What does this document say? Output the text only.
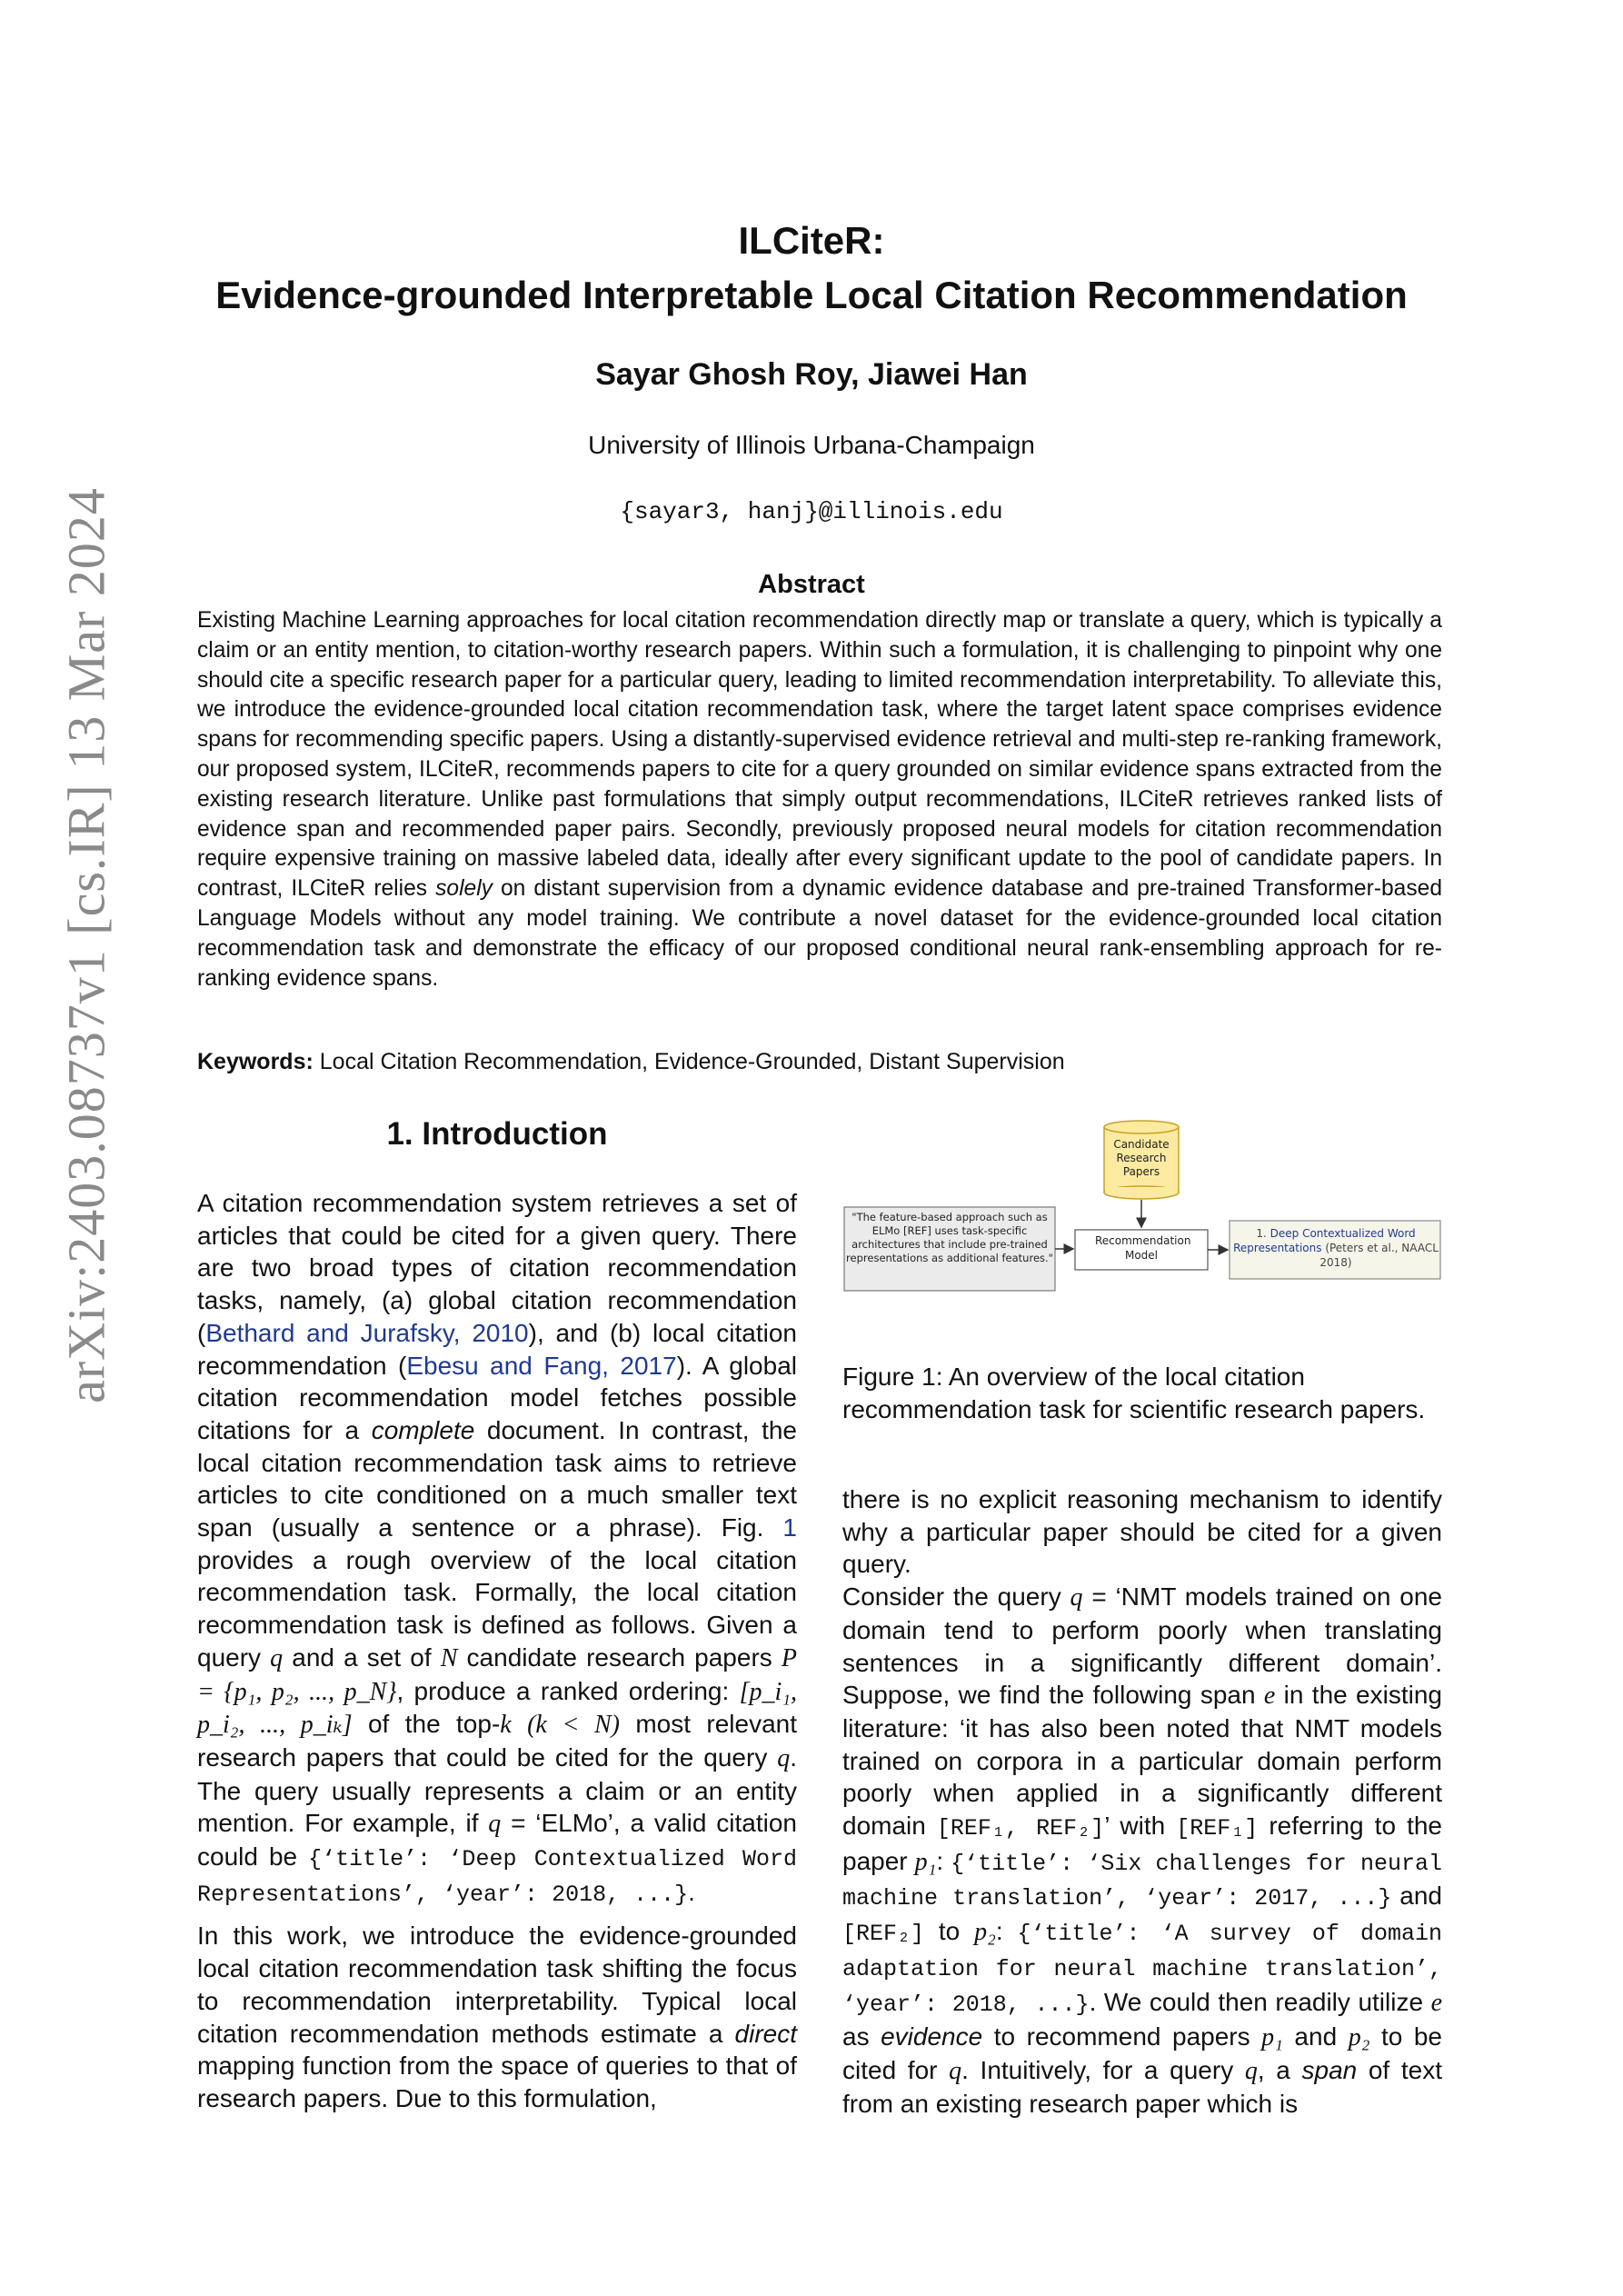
arXiv:2403.08737v1 [cs.IR] 13 Mar 2024
ILCiteR:
Evidence-grounded Interpretable Local Citation Recommendation
Sayar Ghosh Roy, Jiawei Han
University of Illinois Urbana-Champaign
{sayar3, hanj}@illinois.edu
Abstract
Existing Machine Learning approaches for local citation recommendation directly map or translate a query, which is typically a claim or an entity mention, to citation-worthy research papers. Within such a formulation, it is challenging to pinpoint why one should cite a specific research paper for a particular query, leading to limited recommendation interpretability. To alleviate this, we introduce the evidence-grounded local citation recommendation task, where the target latent space comprises evidence spans for recommending specific papers. Using a distantly-supervised evidence retrieval and multi-step re-ranking framework, our proposed system, ILCiteR, recommends papers to cite for a query grounded on similar evidence spans extracted from the existing research literature. Unlike past formulations that simply output recommendations, ILCiteR retrieves ranked lists of evidence span and recommended paper pairs. Secondly, previously proposed neural models for citation recommendation require expensive training on massive labeled data, ideally after every significant update to the pool of candidate papers. In contrast, ILCiteR relies solely on distant supervision from a dynamic evidence database and pre-trained Transformer-based Language Models without any model training. We contribute a novel dataset for the evidence-grounded local citation recommendation task and demonstrate the efficacy of our proposed conditional neural rank-ensembling approach for re-ranking evidence spans.
Keywords: Local Citation Recommendation, Evidence-Grounded, Distant Supervision
1. Introduction

A citation recommendation system retrieves a set of articles that could be cited for a given query. There are two broad types of citation recommendation tasks, namely, (a) global citation recommendation (Bethard and Jurafsky, 2010), and (b) local citation recommendation (Ebesu and Fang, 2017). A global citation recommendation model fetches possible citations for a complete document. In contrast, the local citation recommendation task aims to retrieve articles to cite conditioned on a much smaller text span (usually a sentence or a phrase). Fig. 1 provides a rough overview of the local citation recommendation task. Formally, the local citation recommendation task is defined as follows. Given a query q and a set of N candidate research papers P = {p₁, p₂, ..., p_N}, produce a ranked ordering: [p_i₁, p_i₂, ..., p_iₖ] of the top-k (k < N) most relevant research papers that could be cited for the query q. The query usually represents a claim or an entity mention. For example, if q = ‘ELMo’, a valid citation could be {‘title’: ‘Deep Contextualized Word Representations’, ‘year’: 2018, ...}.

In this work, we introduce the evidence-grounded local citation recommendation task shifting the focus to recommendation interpretability. Typical local citation recommendation methods estimate a direct mapping function from the space of queries to that of research papers. Due to this formulation,

Candidate Research Papers
"The feature-based approach such as ELMo [REF] uses task-specific architectures that include pre-trained representations as additional features."
Recommendation Model
1. Deep Contextualized Word Representations (Peters et al., NAACL 2018)
Figure 1: An overview of the local citation recommendation task for scientific research papers.

there is no explicit reasoning mechanism to identify why a particular paper should be cited for a given query.

Consider the query q = ‘NMT models trained on one domain tend to perform poorly when translating sentences in a significantly different domain’. Suppose, we find the following span e in the existing literature: ‘it has also been noted that NMT models trained on corpora in a particular domain perform poorly when applied in a significantly different domain [REF₁, REF₂]’ with [REF₁] referring to the paper p₁: {‘title’: ‘Six challenges for neural machine translation’, ‘year’: 2017, ...} and [REF₂] to p₂: {‘title’: ‘A survey of domain adaptation for neural machine translation’, ‘year’: 2018, ...}. We could then readily utilize e as evidence to recommend papers p₁ and p₂ to be cited for q. Intuitively, for a query q, a span of text from an existing research paper which is
